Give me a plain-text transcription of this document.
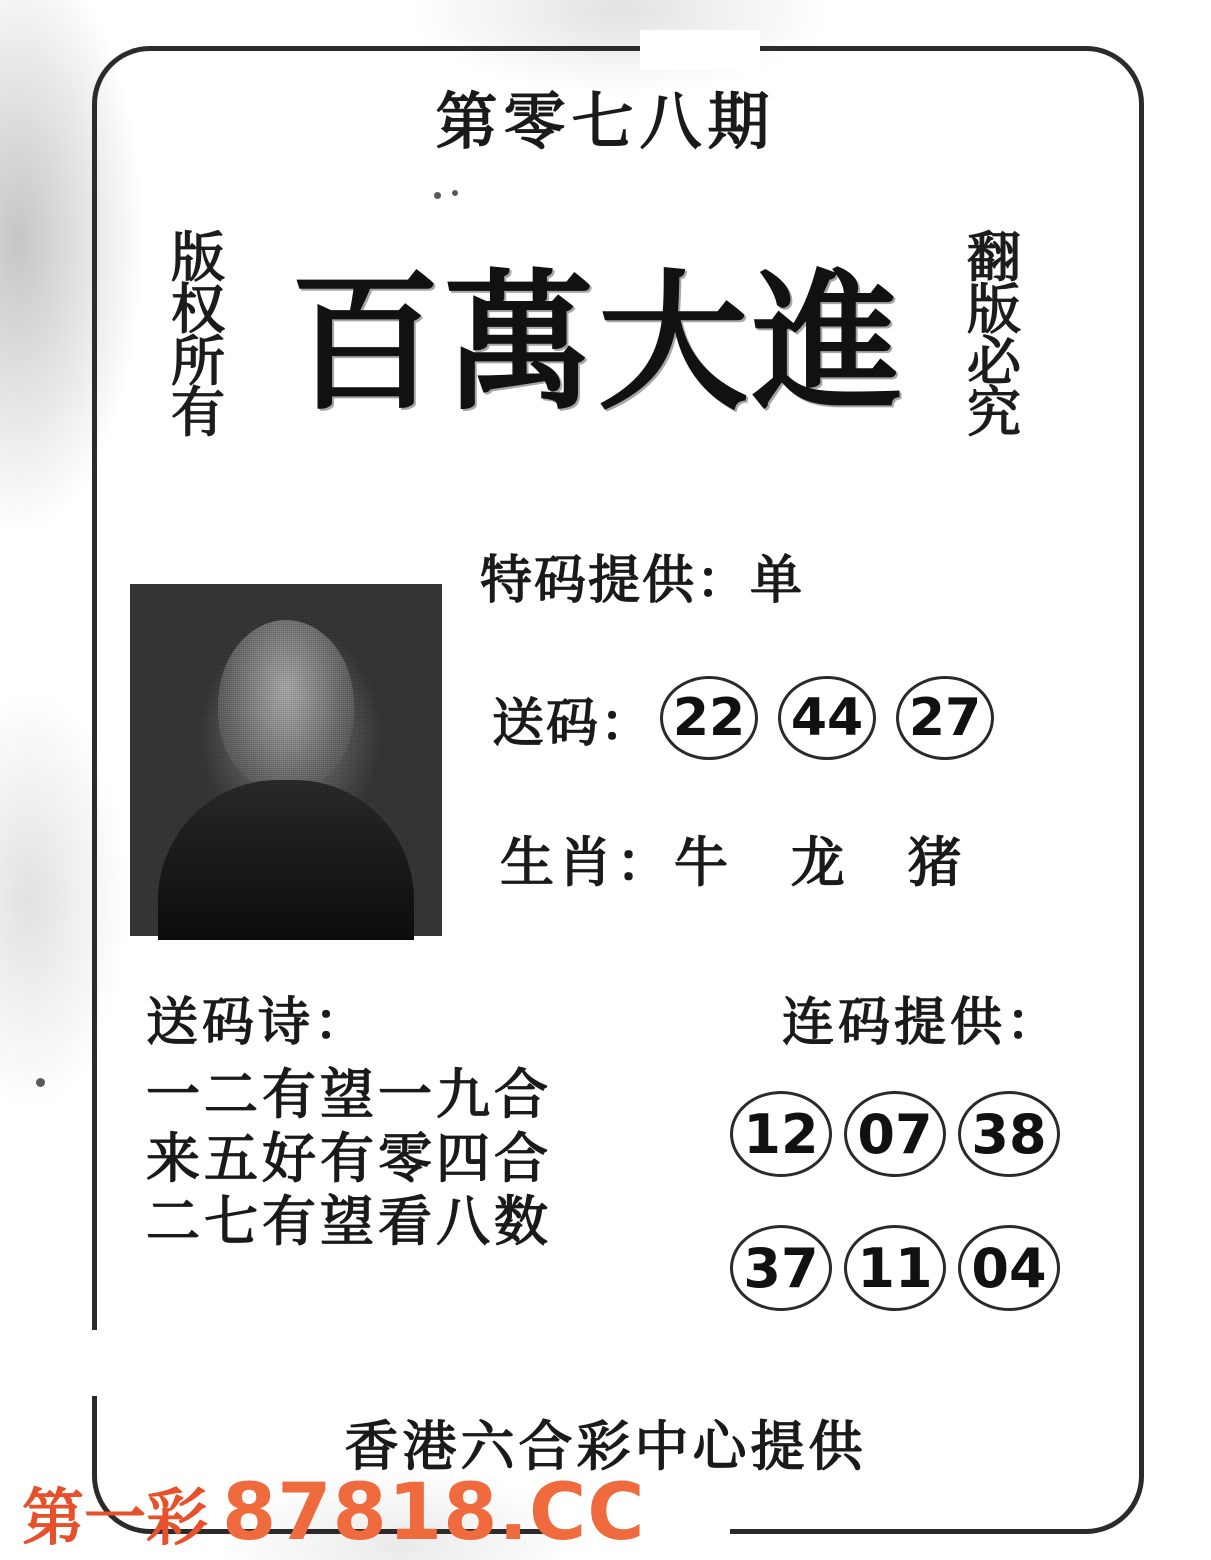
第零七八期
版
权
所
有
翻
版
必
究
百萬大進
特码提供：单
送码： 22 44 27
生肖：牛 龙 猪
送码诗：
一二有望一九合
来五好有零四合
二七有望看八数
连码提供：
12 07 38
37 11 04
香港六合彩中心提供
第一彩 87818.CC
